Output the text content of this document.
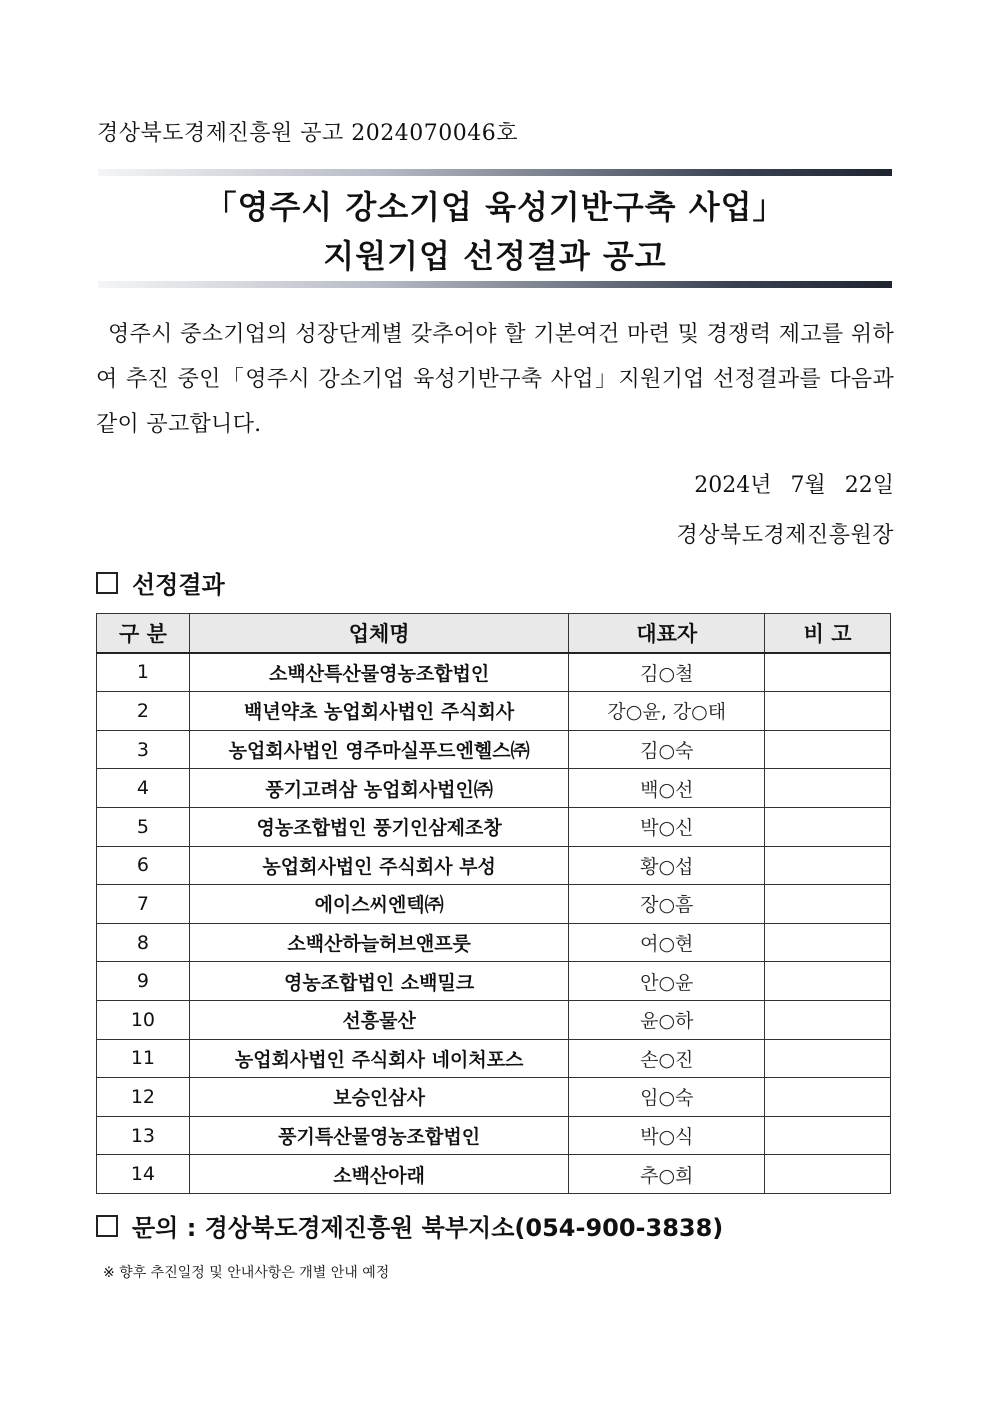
경상북도경제진흥원 공고 2024070046호
「영주시 강소기업 육성기반구축 사업」
지원기업 선정결과 공고
영주시 중소기업의 성장단계별 갖추어야 할 기본여건 마련 및 경쟁력 제고를 위하여 추진 중인「영주시 강소기업 육성기반구축 사업」지원기업 선정결과를 다음과 같이 공고합니다.
2024년 7월 22일
경상북도경제진흥원장
선정결과
구 분	업체명	대표자	비 고
1	소백산특산물영농조합법인	김○철	
2	백년약초 농업회사법인 주식회사	강○윤, 강○태	
3	농업회사법인 영주마실푸드엔헬스㈜	김○숙	
4	풍기고려삼 농업회사법인㈜	백○선	
5	영농조합법인 풍기인삼제조창	박○신	
6	농업회사법인 주식회사 부성	황○섭	
7	에이스씨엔텍㈜	장○흠	
8	소백산하늘허브앤프룻	여○현	
9	영농조합법인 소백밀크	안○윤	
10	선흥물산	윤○하	
11	농업회사법인 주식회사 네이처포스	손○진	
12	보승인삼사	임○숙	
13	풍기특산물영농조합법인	박○식	
14	소백산아래	추○희	
문의 : 경상북도경제진흥원 북부지소(054-900-3838)
※ 향후 추진일정 및 안내사항은 개별 안내 예정
